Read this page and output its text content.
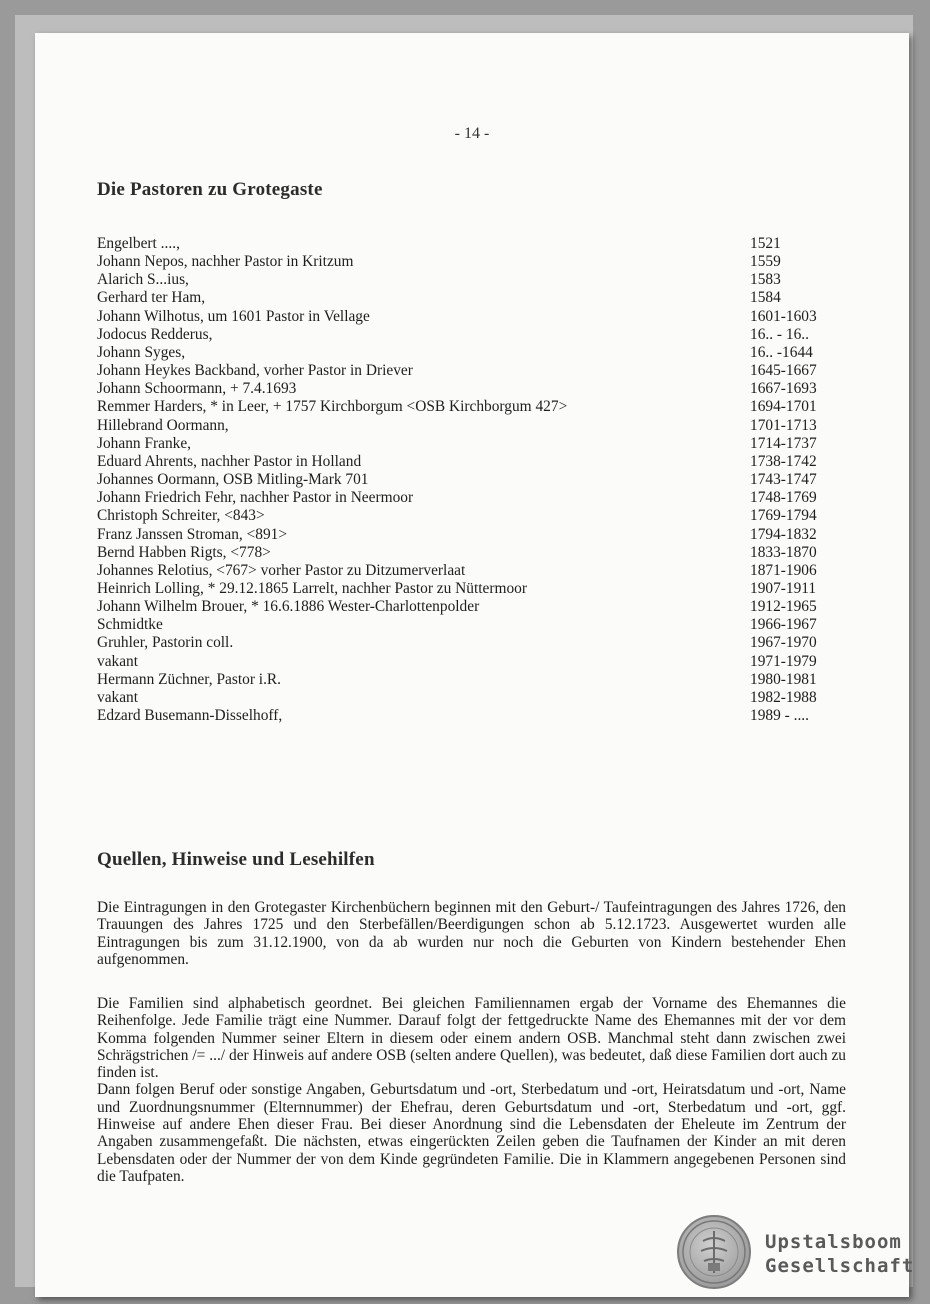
- 14 -
Die Pastoren zu Grotegaste
Engelbert ....,	1521
Johann Nepos, nachher Pastor in Kritzum	1559
Alarich S...ius,	1583
Gerhard ter Ham,	1584
Johann Wilhotus, um 1601 Pastor in Vellage	1601-1603
Jodocus Redderus,	16.. - 16..
Johann Syges,	16.. -1644
Johann Heykes Backband, vorher Pastor in Driever	1645-1667
Johann Schoormann, + 7.4.1693	1667-1693
Remmer Harders, * in Leer, + 1757 Kirchborgum <OSB Kirchborgum 427>	1694-1701
Hillebrand Oormann,	1701-1713
Johann Franke,	1714-1737
Eduard Ahrents, nachher Pastor in Holland	1738-1742
Johannes Oormann, OSB Mitling-Mark 701	1743-1747
Johann Friedrich Fehr, nachher Pastor in Neermoor	1748-1769
Christoph Schreiter, <843>	1769-1794
Franz Janssen Stroman, <891>	1794-1832
Bernd Habben Rigts, <778>	1833-1870
Johannes Relotius, <767> vorher Pastor zu Ditzumerverlaat	1871-1906
Heinrich Lolling, * 29.12.1865 Larrelt, nachher Pastor zu Nüttermoor	1907-1911
Johann Wilhelm Brouer, * 16.6.1886 Wester-Charlottenpolder	1912-1965
Schmidtke	1966-1967
Gruhler, Pastorin coll.	1967-1970
vakant	1971-1979
Hermann Züchner, Pastor i.R.	1980-1981
vakant	1982-1988
Edzard Busemann-Disselhoff,	1989 - ....
Quellen, Hinweise und Lesehilfen

Die Eintragungen in den Grotegaster Kirchenbüchern beginnen mit den Geburt-/ Taufeintragungen des Jahres 1726, den Trauungen des Jahres 1725 und den Sterbefällen/Beerdigungen schon ab 5.12.1723. Ausgewertet wurden alle Eintragungen bis zum 31.12.1900, von da ab wurden nur noch die Geburten von Kindern bestehender Ehen aufgenommen.

Die Familien sind alphabetisch geordnet. Bei gleichen Familiennamen ergab der Vorname des Ehemannes die Reihenfolge. Jede Familie trägt eine Nummer. Darauf folgt der fettgedruckte Name des Ehemannes mit der vor dem Komma folgenden Nummer seiner Eltern in diesem oder einem andern OSB. Manchmal steht dann zwischen zwei Schrägstrichen /= .../ der Hinweis auf andere OSB (selten andere Quellen), was bedeutet, daß diese Familien dort auch zu finden ist.

Dann folgen Beruf oder sonstige Angaben, Geburtsdatum und -ort, Sterbedatum und -ort, Heiratsdatum und -ort, Name und Zuordnungsnummer (Elternnummer) der Ehefrau, deren Geburtsdatum und -ort, Sterbedatum und -ort, ggf. Hinweise auf andere Ehen dieser Frau. Bei dieser Anordnung sind die Lebensdaten der Eheleute im Zentrum der Angaben zusammengefaßt. Die nächsten, etwas eingerückten Zeilen geben die Taufnamen der Kinder an mit deren Lebensdaten oder der Nummer der von dem Kinde gegründeten Familie. Die in Klammern angegebenen Personen sind die Taufpaten.

Upstalsboom
Gesellschaft
